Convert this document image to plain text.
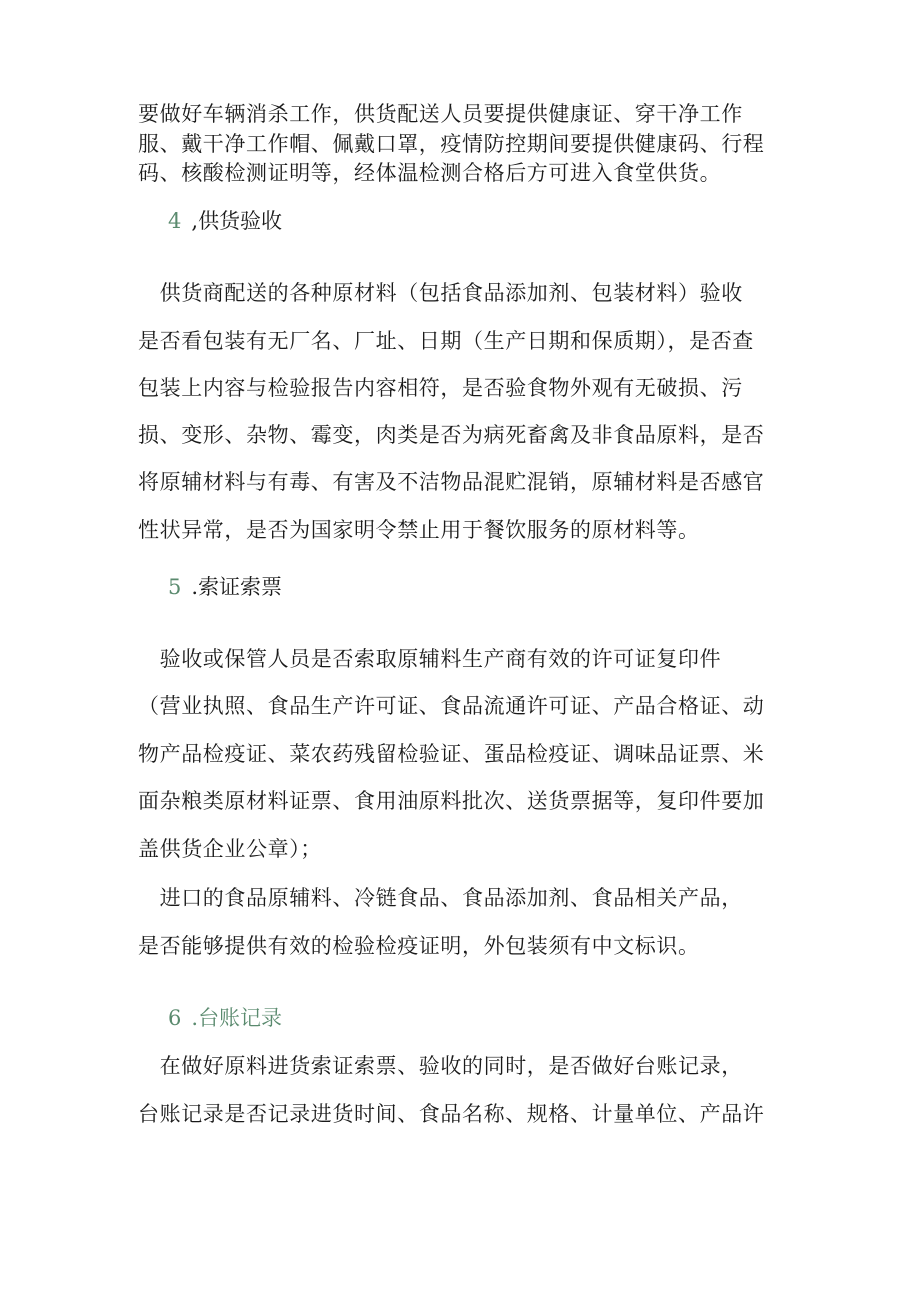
要做好车辆消杀工作，供货配送人员要提供健康证、穿干净工作
服、戴干净工作帽、佩戴口罩，疫情防控期间要提供健康码、行程
码、核酸检测证明等，经体温检测合格后方可进入食堂供货。
4 ,供货验收
　供货商配送的各种原材料（包括食品添加剂、包装材料）验收
是否看包装有无厂名、厂址、日期（生产日期和保质期），是否查
包装上内容与检验报告内容相符，是否验食物外观有无破损、污
损、变形、杂物、霉变，肉类是否为病死畜禽及非食品原料，是否
将原辅材料与有毒、有害及不洁物品混贮混销，原辅材料是否感官
性状异常，是否为国家明令禁止用于餐饮服务的原材料等。
5 .索证索票
　验收或保管人员是否索取原辅料生产商有效的许可证复印件
（营业执照、食品生产许可证、食品流通许可证、产品合格证、动
物产品检疫证、菜农药残留检验证、蛋品检疫证、调味品证票、米
面杂粮类原材料证票、食用油原料批次、送货票据等，复印件要加
盖供货企业公章）；
　进口的食品原辅料、冷链食品、食品添加剂、食品相关产品，
是否能够提供有效的检验检疫证明，外包装须有中文标识。
6 .台账记录
　在做好原料进货索证索票、验收的同时，是否做好台账记录，
台账记录是否记录进货时间、食品名称、规格、计量单位、产品许
